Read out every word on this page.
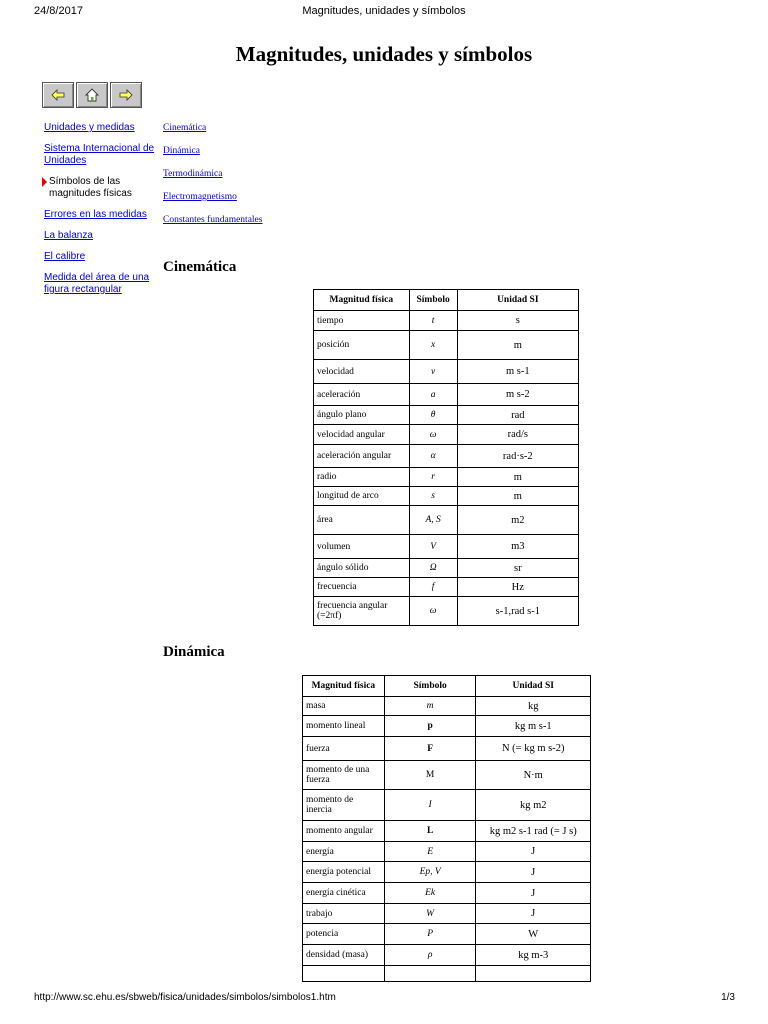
24/8/2017	Magnitudes, unidades y símbolos
Magnitudes, unidades y símbolos
Unidades y medidas
Sistema Internacional de Unidades
Símbolos de las magnitudes físicas
Errores en las medidas
La balanza
El calibre
Medida del área de una figura rectangular
Cinemática
Dinámica
Termodinámica
Electromagnetismo
Constantes fundamentales
Cinemática
Magnitud física	Símbolo	Unidad SI
tiempo	t	s
posición	x	m
velocidad	v	m s-1
aceleración	a	m s-2
ángulo plano	θ	rad
velocidad angular	ω	rad/s
aceleración angular	α	rad·s-2
radio	r	m
longitud de arco	s	m
área	A, S	m2
volumen	V	m3
ángulo sólido	Ω	sr
frecuencia	f	Hz
frecuencia angular (=2πf)	ω	s-1,rad s-1
Dinámica
Magnitud física	Símbolo	Unidad SI
masa	m	kg
momento lineal	p	kg m s-1
fuerza	F	N (= kg m s-2)
momento de una fuerza	M	N·m
momento de inercia	I	kg m2
momento angular	L	kg m2 s-1 rad (= J s)
energía	E	J
energía potencial	Ep, V	J
energía cinética	Ek	J
trabajo	W	J
potencia	P	W
densidad (masa)	ρ	kg m-3

http://www.sc.ehu.es/sbweb/fisica/unidades/simbolos/simbolos1.htm	1/3
